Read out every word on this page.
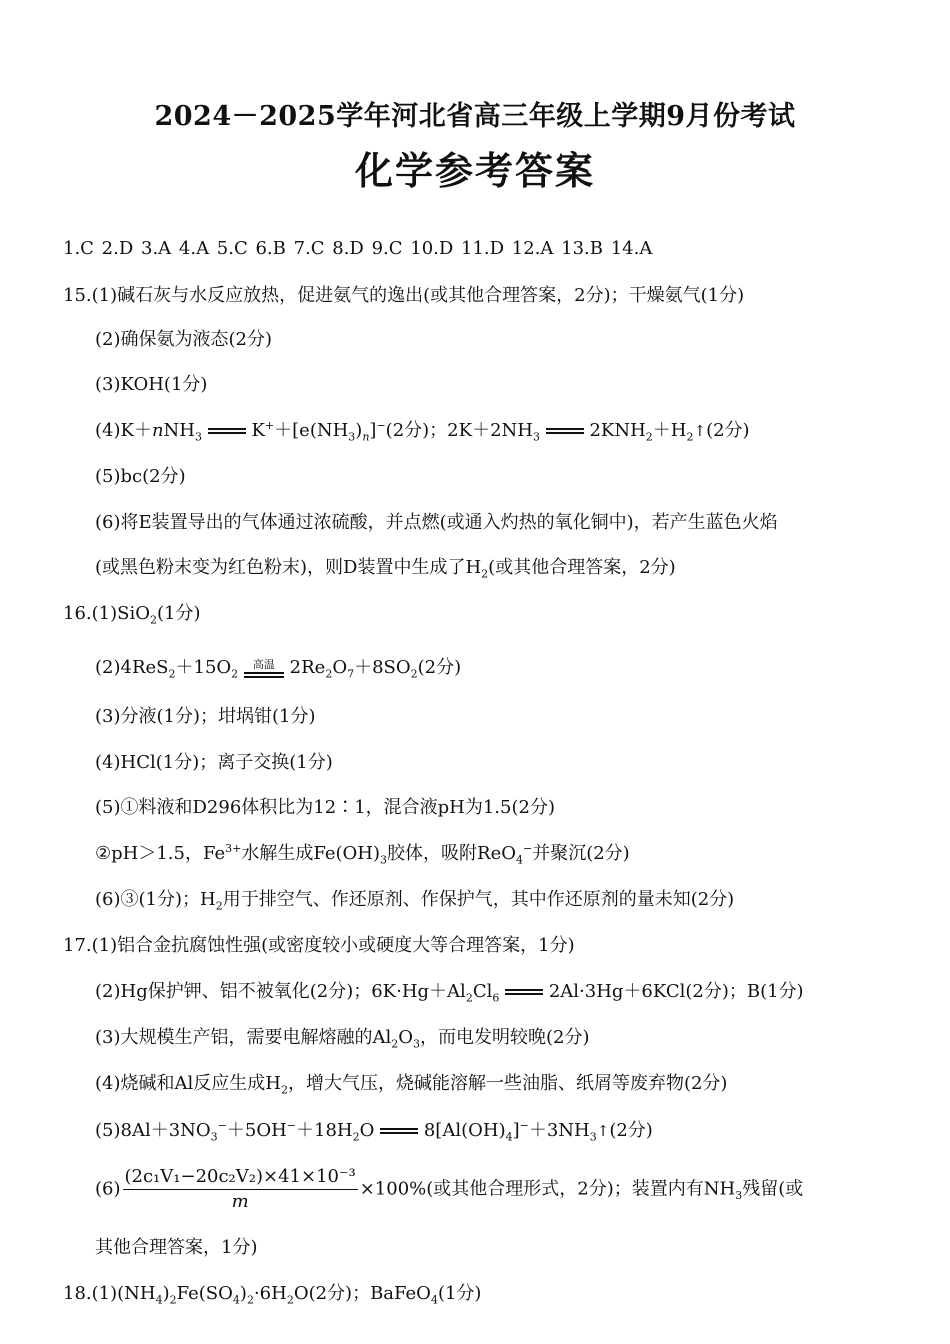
2024－2025学年河北省高三年级上学期9月份考试
化学参考答案
1.C 2.D 3.A 4.A 5.C 6.B 7.C 8.D 9.C 10.D 11.D 12.A 13.B 14.A
15.(1)碱石灰与水反应放热，促进氨气的逸出(或其他合理答案，2分)；干燥氨气(1分)
(2)确保氨为液态(2分)
(3)KOH(1分)
(4)K＋nNH$_3$	$K^++[e(NH_3)_n]^-(2$分)；$2K+2NH_3$	$2KNH_2+H_2↑(2$分)
(5)bc(2分)
(6)将E装置导出的气体通过浓硫酸，并点燃(或通入灼热的氧化铜中)，若产生蓝色火焰
(或黑色粉末变为红色粉末)，则D装置中生成了$H_2$(或其他合理答案，2分)
16.(1)SiO$_2$(1分)
$(2)4ReS_2+15O_2$
高温 $2Re_2O_7+8SO_2(2$分)
(3)分液(1分)；坩埚钳(1分)
(4)HCl(1分)；离子交换(1分)
(5)①料液和D296体积比为12∶1，混合液pH为1.5(2分)
②pH＞1.5，$Fe^{3+}$水解生成$Fe(OH)_3$胶体，吸附ReO$_4$−并聚沉(2分)
(6)③(1分)；$H_2$用于排空气、作还原剂、作保护气，其中作还原剂的量未知(2分)
17.(1)铝合金抗腐蚀性强(或密度较小或硬度大等合理答案，1分)
(2)Hg保护钾、铝不被氧化(2分)；$6K\cdot Hg+Al_2Cl_6$	2Al·3Hg＋6KCl(2分)；B(1分)
(3)大规模生产铝，需要电解熔融的$Al_2O_3$，而电发明较晚(2分)
(4)烧碱和Al反应生成$H_2$，增大气压，烧碱能溶解一些油脂、纸屑等废弃物(2分)
$(5)8Al+3NO_3^-+5OH^-+18H_2O$	$8[Al(OH)_4]^-+3NH_3↑(2$分)
$(6) \frac{\text{(2c₁V₁−20c₂V₂)×41×10⁻³}}{m} \times 100\%$(或其他合理形式，2分)；装置内有$NH_3$残留(或
其他合理答案，1分)
$18.(1)(NH_4)_2Fe(SO_4)_2\cdot 6H_2O(2$分)；BaFeO$_4$(1分)
